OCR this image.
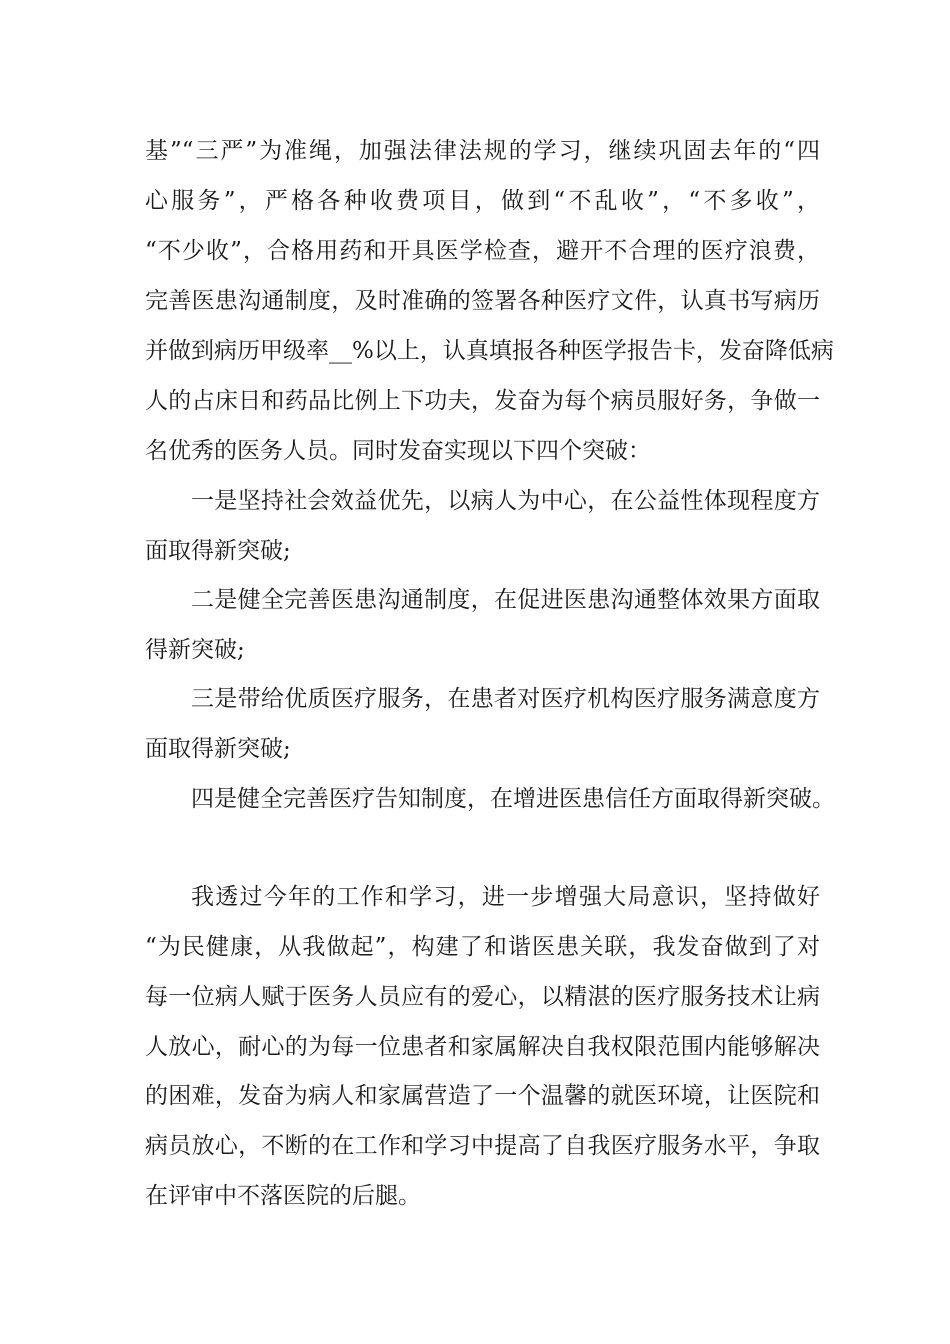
基”“三严”为准绳，加强法律法规的学习，继续巩固去年的“四
心服务”，严格各种收费项目，做到“不乱收”，“不多收”，
“不少收”，合格用药和开具医学检查，避开不合理的医疗浪费，
完善医患沟通制度，及时准确的签署各种医疗文件，认真书写病历
并做到病历甲级率__%以上，认真填报各种医学报告卡，发奋降低病
人的占床日和药品比例上下功夫，发奋为每个病员服好务，争做一
名优秀的医务人员。同时发奋实现以下四个突破：
一是坚持社会效益优先，以病人为中心，在公益性体现程度方
面取得新突破;
二是健全完善医患沟通制度，在促进医患沟通整体效果方面取
得新突破;
三是带给优质医疗服务，在患者对医疗机构医疗服务满意度方
面取得新突破;
四是健全完善医疗告知制度，在增进医患信任方面取得新突破。
我透过今年的工作和学习，进一步增强大局意识，坚持做好
“为民健康，从我做起”，构建了和谐医患关联，我发奋做到了对
每一位病人赋于医务人员应有的爱心，以精湛的医疗服务技术让病
人放心，耐心的为每一位患者和家属解决自我权限范围内能够解决
的困难，发奋为病人和家属营造了一个温馨的就医环境，让医院和
病员放心，不断的在工作和学习中提高了自我医疗服务水平，争取
在评审中不落医院的后腿。
